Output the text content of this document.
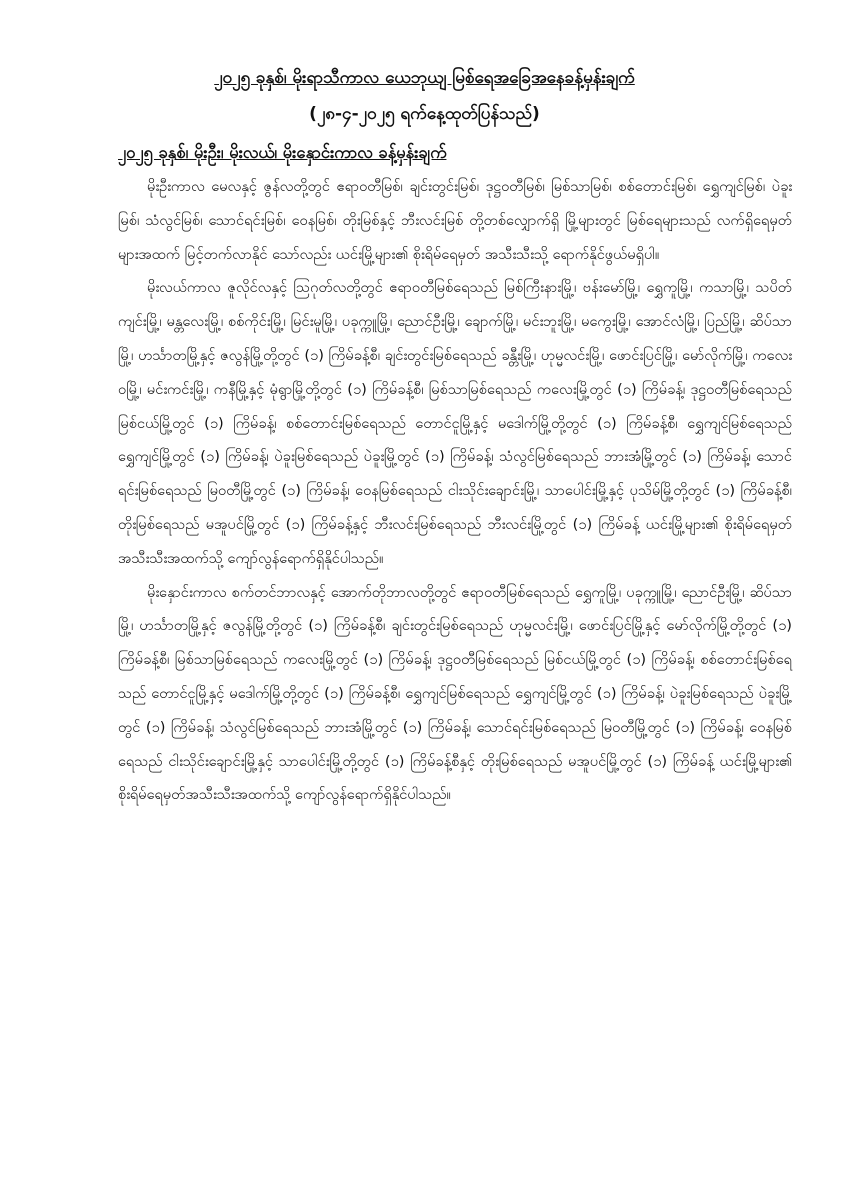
၂၀၂၅ ခုနှစ်၊ မိုးရာသီကာလ ယေဘုယျ မြစ်ရေအခြေအနေခန့်မှန်းချက်
(၂၈-၄-၂၀၂၅ ရက်နေ့ထုတ်ပြန်သည်)
၂၀၂၅ ခုနှစ်၊ မိုးဦး၊ မိုးလယ်၊ မိုးနှောင်းကာလ ခန့်မှန်းချက်

မိုးဦးကာလ မေလနှင့် ဇွန်လတို့တွင် ဧရာဝတီမြစ်၊ ချင်းတွင်းမြစ်၊ ဒုဋ္ဌဝတီမြစ်၊ မြစ်သာမြစ်၊ စစ်တောင်းမြစ်၊ ရွှေကျင်မြစ်၊ ပဲခူးမြစ်၊ သံလွင်မြစ်၊ သောင်ရင်းမြစ်၊ ဝေနမြစ်၊ တိုးမြစ်နှင့် ဘီးလင်းမြစ် တို့တစ်လျှောက်ရှိ မြို့များတွင် မြစ်ရေများသည် လက်ရှိရေမှတ်များအထက် မြင့်တက်လာနိုင် သော်လည်း ယင်းမြို့များ၏ စိုးရိမ်ရေမှတ် အသီးသီးသို့ ရောက်နိုင်ဖွယ်မရှိပါ။

မိုးလယ်ကာလ ဇူလိုင်လနှင့် သြဂုတ်လတို့တွင် ဧရာဝတီမြစ်ရေသည် မြစ်ကြီးနားမြို့၊ ဗန်းမော်မြို့၊ ရွှေကူမြို့၊ ကသာမြို့၊ သပိတ်ကျင်းမြို့၊ မန္တလေးမြို့၊ စစ်ကိုင်းမြို့၊ မြင်းမူမြို့၊ ပခုက္ကူမြို့၊ ညောင်ဦးမြို့၊ ချောက်မြို့၊ မင်းဘူးမြို့၊ မကွေးမြို့၊ အောင်လံမြို့၊ ပြည်မြို့၊ ဆိပ်သာမြို့၊ ဟင်္သာတမြို့နှင့် ဇလွန်မြို့တို့တွင် (၁) ကြိမ်ခန့်စီ၊ ချင်းတွင်းမြစ်ရေသည် ခန္တီးမြို့၊ ဟုမ္မလင်းမြို့၊ ဖောင်းပြင်မြို့၊ မော်လိုက်မြို့၊ ကလေးဝမြို့၊ မင်းကင်းမြို့၊ ကနီမြို့နှင့် မုံရွာမြို့တို့တွင် (၁) ကြိမ်ခန့်စီ၊ မြစ်သာမြစ်ရေသည် ကလေးမြို့တွင် (၁) ကြိမ်ခန့်၊ ဒုဋ္ဌဝတီမြစ်ရေသည် မြစ်ငယ်မြို့တွင် (၁) ကြိမ်ခန့်၊ စစ်တောင်းမြစ်ရေသည် တောင်ငူမြို့နှင့် မဒေါက်မြို့တို့တွင် (၁) ကြိမ်ခန့်စီ၊ ရွှေကျင်မြစ်ရေသည် ရွှေကျင်မြို့တွင် (၁) ကြိမ်ခန့်၊ ပဲခူးမြစ်ရေသည် ပဲခူးမြို့တွင် (၁) ကြိမ်ခန့်၊ သံလွင်မြစ်ရေသည် ဘားအံမြို့တွင် (၁) ကြိမ်ခန့်၊ သောင်ရင်းမြစ်ရေသည် မြဝတီမြို့တွင် (၁) ကြိမ်ခန့်၊ ဝေနမြစ်ရေသည် ငါးသိုင်းချောင်းမြို့၊ သာပေါင်းမြို့နှင့် ပုသိမ်မြို့တို့တွင် (၁) ကြိမ်ခန့်စီ၊ တိုးမြစ်ရေသည် မအူပင်မြို့တွင် (၁) ကြိမ်ခန့်နှင့် ဘီးလင်းမြစ်ရေသည် ဘီးလင်းမြို့တွင် (၁) ကြိမ်ခန့် ယင်းမြို့များ၏ စိုးရိမ်ရေမှတ်အသီးသီးအထက်သို့ ကျော်လွန်ရောက်ရှိနိုင်ပါသည်။

မိုးနှောင်းကာလ စက်တင်ဘာလနှင့် အောက်တိုဘာလတို့တွင် ဧရာဝတီမြစ်ရေသည် ရွှေကူမြို့၊ ပခုက္ကူမြို့၊ ညောင်ဦးမြို့၊ ဆိပ်သာမြို့၊ ဟင်္သာတမြို့နှင့် ဇလွန်မြို့တို့တွင် (၁) ကြိမ်ခန့်စီ၊ ချင်းတွင်းမြစ်ရေသည် ဟုမ္မလင်းမြို့၊ ဖောင်းပြင်မြို့နှင့် မော်လိုက်မြို့တို့တွင် (၁) ကြိမ်ခန့်စီ၊ မြစ်သာမြစ်ရေသည် ကလေးမြို့တွင် (၁) ကြိမ်ခန့်၊ ဒုဋ္ဌဝတီမြစ်ရေသည် မြစ်ငယ်မြို့တွင် (၁) ကြိမ်ခန့်၊ စစ်တောင်းမြစ်ရေသည် တောင်ငူမြို့နှင့် မဒေါက်မြို့တို့တွင် (၁) ကြိမ်ခန့်စီ၊ ရွှေကျင်မြစ်ရေသည် ရွှေကျင်မြို့တွင် (၁) ကြိမ်ခန့်၊ ပဲခူးမြစ်ရေသည် ပဲခူးမြို့တွင် (၁) ကြိမ်ခန့်၊ သံလွင်မြစ်ရေသည် ဘားအံမြို့တွင် (၁) ကြိမ်ခန့်၊ သောင်ရင်းမြစ်ရေသည် မြဝတီမြို့တွင် (၁) ကြိမ်ခန့်၊ ဝေနမြစ်ရေသည် ငါးသိုင်းချောင်းမြို့နှင့် သာပေါင်းမြို့တို့တွင် (၁) ကြိမ်ခန့်စီနှင့် တိုးမြစ်ရေသည် မအူပင်မြို့တွင် (၁) ကြိမ်ခန့် ယင်းမြို့များ၏ စိုးရိမ်ရေမှတ်အသီးသီးအထက်သို့ ကျော်လွန်ရောက်ရှိနိုင်ပါသည်။
